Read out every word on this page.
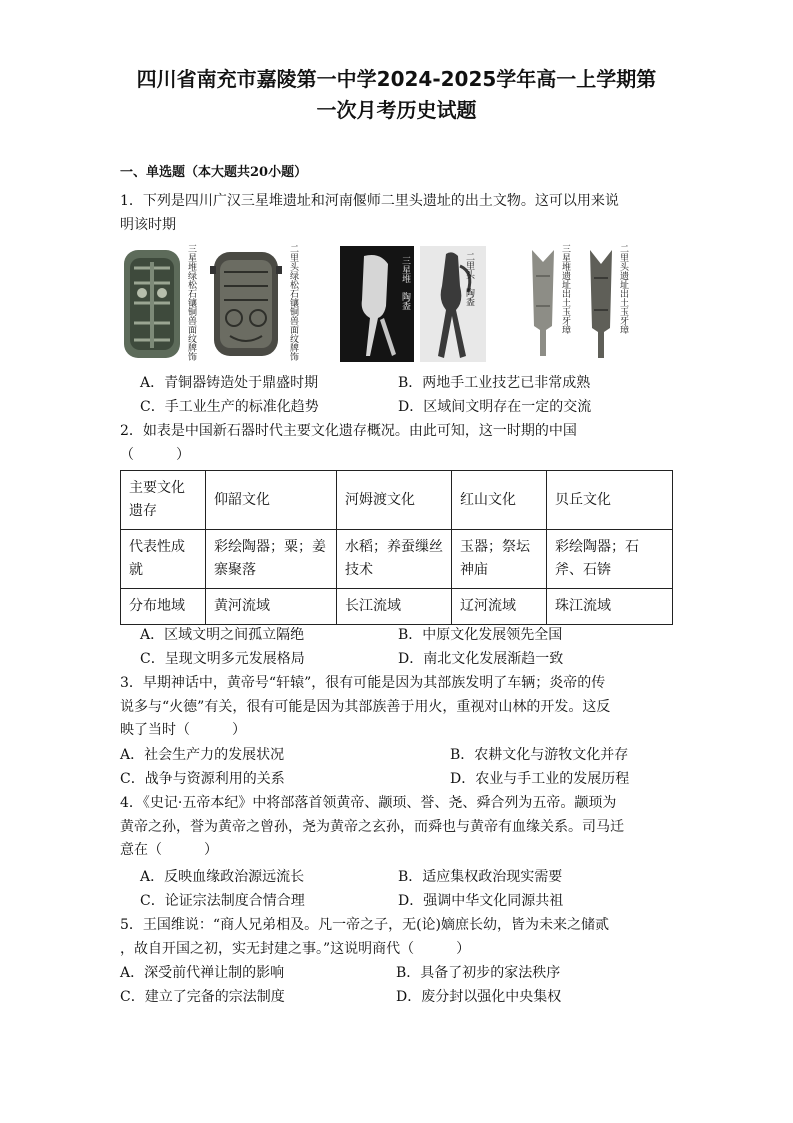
四川省南充市嘉陵第一中学2024-2025学年高一上学期第
一次月考历史试题
一、单选题（本大题共20小题）
1．下列是四川广汉三星堆遗址和河南偃师二里头遗址的出土文物。这可以用来说
明该时期
三星堆绿松石镶铜兽面纹牌饰	二里头绿松石镶铜兽面纹牌饰	三星堆　陶盉	二里头　陶盉	三星堆遗址出土玉牙璋	二里头遗址出土玉牙璋
A．青铜器铸造处于鼎盛时期	B．两地手工业技艺已非常成熟
C．手工业生产的标准化趋势	D．区域间文明存在一定的交流
2．如表是中国新石器时代主要文化遗存概况。由此可知，这一时期的中国
（　　　）
主要文化遗存	仰韶文化	河姆渡文化	红山文化	贝丘文化
代表性成就	彩绘陶器；粟；姜寨聚落	水稻；养蚕缫丝技术	玉器；祭坛神庙	彩绘陶器；石斧、石锛
分布地域	黄河流域	长江流域	辽河流域	珠江流域
A．区域文明之间孤立隔绝	B．中原文化发展领先全国
C．呈现文明多元发展格局	D．南北文化发展渐趋一致
3．早期神话中，黄帝号“轩辕”，很有可能是因为其部族发明了车辆；炎帝的传
说多与“火德”有关，很有可能是因为其部族善于用火，重视对山林的开发。这反
映了当时（　　　）
A．社会生产力的发展状况	B．农耕文化与游牧文化并存
C．战争与资源利用的关系	D．农业与手工业的发展历程
4．《史记·五帝本纪》中将部落首领黄帝、颛顼、誉、尧、舜合列为五帝。颛顼为
黄帝之孙，誉为黄帝之曾孙，尧为黄帝之玄孙，而舜也与黄帝有血缘关系。司马迁
意在（　　　）
A．反映血缘政治源远流长	B．适应集权政治现实需要
C．论证宗法制度合情合理	D．强调中华文化同源共祖
5．王国维说：“商人兄弟相及。凡一帝之子，无(论)嫡庶长幼，皆为未来之储贰
，故自开国之初，实无封建之事。”这说明商代（　　　）
A．深受前代禅让制的影响	B．具备了初步的家法秩序
C．建立了完备的宗法制度	D．废分封以强化中央集权
